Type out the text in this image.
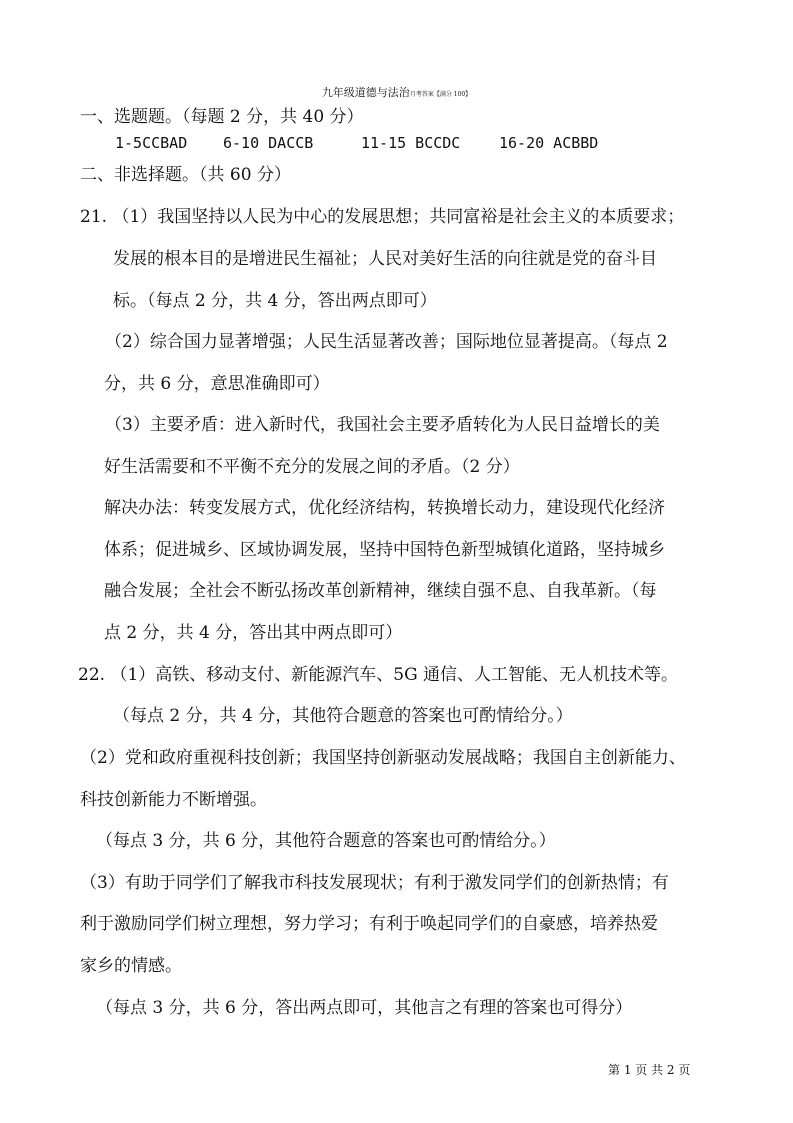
九年级道德与法治月考答案【满分 100】

一、选题题。（每题 2 分，共 40 分）

1-5CCBAD 6-10 DACCB	11-15 BCCDC	16-20 ACBBD

二、非选择题。（共 60 分）

21. （1）我国坚持以人民为中心的发展思想；共同富裕是社会主义的本质要求；

发展的根本目的是增进民生福祉；人民对美好生活的向往就是党的奋斗目

标。（每点 2 分，共 4 分，答出两点即可）

（2）综合国力显著增强；人民生活显著改善；国际地位显著提高。（每点 2

分，共 6 分，意思准确即可）

（3）主要矛盾：进入新时代，我国社会主要矛盾转化为人民日益增长的美

好生活需要和不平衡不充分的发展之间的矛盾。（2 分）

解决办法：转变发展方式，优化经济结构，转换增长动力，建设现代化经济

体系；促进城乡、区域协调发展，坚持中国特色新型城镇化道路，坚持城乡

融合发展；全社会不断弘扬改革创新精神，继续自强不息、自我革新。（每

点 2 分，共 4 分，答出其中两点即可）

22. （1）高铁、移动支付、新能源汽车、5G 通信、人工智能、无人机技术等。

（每点 2 分，共 4 分，其他符合题意的答案也可酌情给分。）

（2）党和政府重视科技创新；我国坚持创新驱动发展战略；我国自主创新能力、

科技创新能力不断增强。

（每点 3 分，共 6 分，其他符合题意的答案也可酌情给分。）

（3）有助于同学们了解我市科技发展现状；有利于激发同学们的创新热情；有

利于激励同学们树立理想，努力学习；有利于唤起同学们的自豪感，培养热爱

家乡的情感。

（每点 3 分，共 6 分，答出两点即可，其他言之有理的答案也可得分）

第 1 页 共 2 页
